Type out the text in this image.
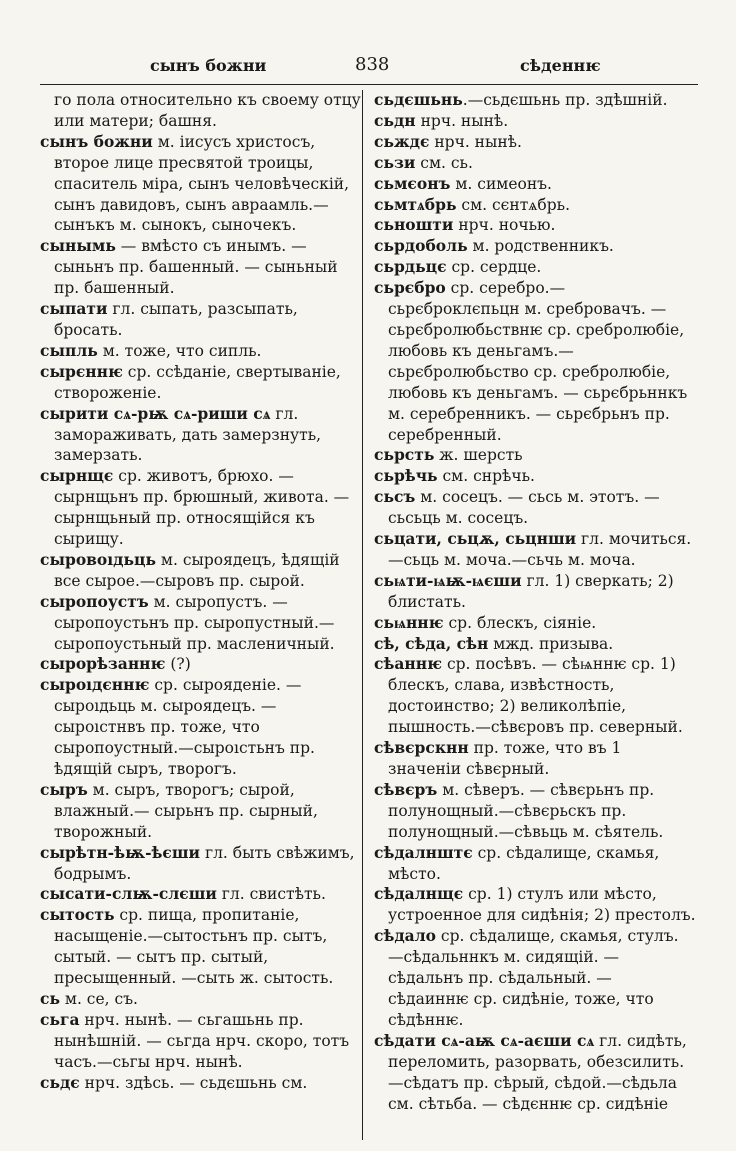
сынъ божни	838	сѣденнѥ

го пола относительно къ своему отцу или матери; башня.

сынъ божни м. іисусъ христосъ, второе лице пресвятой троицы, спаситель міра, сынъ человѣческій, сынъ давидовъ, сынъ авраамль.—сынъкъ м. сынокъ, сыночекъ.

сынымь — вмѣсто съ инымъ. — сыньнъ пр. башенный. — сыньный пр. башенный.

сыпати гл. сыпать, разсыпать, бросать.

сыпль м. тоже, что сипль.

сырєннѥ ср. ссѣданіе, свертываніе, створоженіе.

сырити сѧ-рѭ сѧ-риши сѧ гл. замораживать, дать замерзнуть, замерзать.

сырнщє ср. животъ, брюхо. — сырнщьнъ пр. брюшный, живота. — сырнщьный пр. относящійся къ сырищу.

сыровоıдьць м. сыроядецъ, ѣдящій все сырое.—сыровъ пр. сырой.

сыропоустъ м. сыропустъ. — сыропоустьнъ пр. сыропустный.—сыропоустьный пр. масленичный.

сырорѣзаннѥ (?)

сыроıдєннѥ ср. сырояденіе. — сыроıдьць м. сыроядецъ. — сыроıстнвъ пр. тоже, что сыропоустный.—сыроıстьнъ пр. ѣдящій сыръ, творогъ.

сыръ м. сыръ, творогъ; сырой, влажный.— сырьнъ пр. сырный, творожный.

сырѣтн-ѣѭ-ѣєши гл. быть свѣжимъ, бодрымъ.

сысати-слѭ-слєши гл. свистѣть.

сытость ср. пища, пропитаніе, насыщеніе.—сытостьнъ пр. сытъ, сытый. — сытъ пр. сытый, пресыщенный. —сыть ж. сытость.

сь м. се, съ.

сьга нрч. нынѣ. — сьгашьнь пр. нынѣшній. — сьгда нрч. скоро, тотъ часъ.—сьгы нрч. нынѣ.

сьдє нрч. здѣсь. — сьдєшьнь см.

сьдєшьнь.—сьдєшьнь пр. здѣшній.

сьдн нрч. нынѣ.

сьждє нрч. нынѣ.

сьзи см. сь.

сьмєонъ м. симеонъ.

сьмтѧбрь см. сєнтѧбрь.

сьношти нрч. ночью.

сьрдоболь м. родственникъ.

сьрдьцє ср. сердце.

сьрєбро ср. серебро.—сьрєброклєпьцн м. сребровачъ. — сьрєбролюбьствнѥ ср. сребролюбіе, любовь къ деньгамъ.—сьрєбролюбьство ср. сребролюбіе, любовь къ деньгамъ. — сьрєбрьннкъ м. серебренникъ. — сьрєбрьнъ пр. серебренный.

сьрсть ж. шерсть

сьрѣчь см. снрѣчь.

сьсъ м. сосецъ. — сьсь м. этотъ. — сьсьць м. сосецъ.

сьцати, сьцѫ, сьцнши гл. мочиться. —сьць м. моча.—сьчь м. моча.

сьѩти-ѩѭ-ѩєши гл. 1) сверкать; 2) блистать.

сьѩннѥ ср. блескъ, сіяніе.

сѣ, сѣда, сѣн мжд. призыва.

сѣаннѥ ср. посѣвъ. — сѣѩннѥ ср. 1) блескъ, слава, извѣстность, достоинство; 2) великолѣпіе, пышность.—сѣвєровъ пр. северный.

сѣвєрскнн пр. тоже, что въ 1 значеніи сѣвєрный.

сѣвєръ м. сѣверъ. — сѣвєрьнъ пр. полунощный.—сѣвєрьскъ пр. полунощный.—сѣвьць м. сѣятель.

сѣдалнштє ср. сѣдалище, скамья, мѣсто.

сѣдалнщє ср. 1) стулъ или мѣсто, устроенное для сидѣнія; 2) престолъ.

сѣдало ср. сѣдалище, скамья, стулъ. —сѣдальннкъ м. сидящій. — сѣдальнъ пр. сѣдальный. — сѣдаиннѥ ср. сидѣніе, тоже, что сѣдѣннѥ.

сѣдати сѧ-аѭ сѧ-аєши сѧ гл. сидѣть, переломить, разорвать, обезсилить. —сѣдатъ пр. сѣрый, сѣдой.—сѣдьла см. сѣтьба. — сѣдєннѥ ср. сидѣніе
